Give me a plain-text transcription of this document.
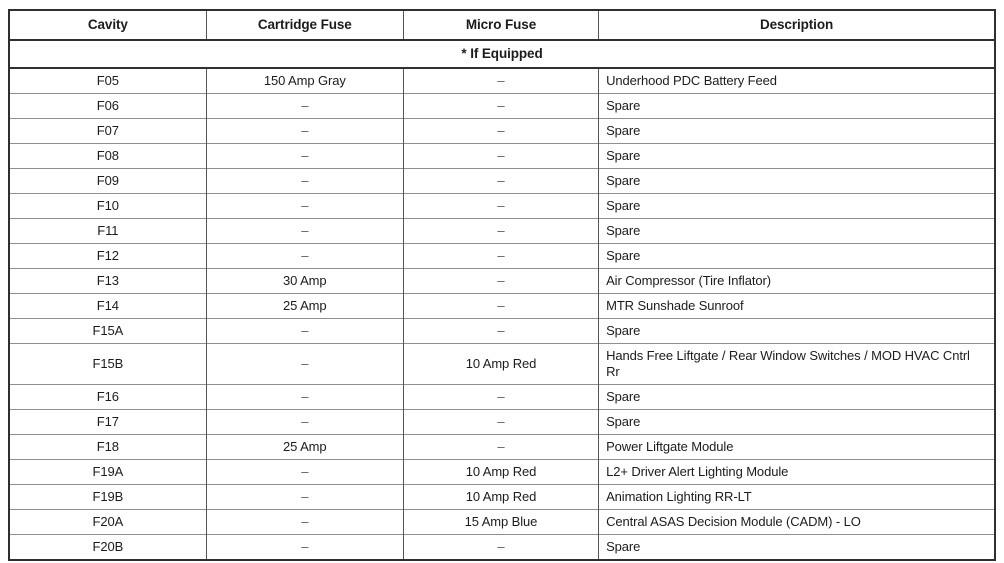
Cavity	Cartridge Fuse	Micro Fuse	Description
* If Equipped			
F05	150 Amp Gray	–	Underhood PDC Battery Feed
F06	–	–	Spare
F07	–	–	Spare
F08	–	–	Spare
F09	–	–	Spare
F10	–	–	Spare
F11	–	–	Spare
F12	–	–	Spare
F13	30 Amp	–	Air Compressor (Tire Inflator)
F14	25 Amp	–	MTR Sunshade Sunroof
F15A	–	–	Spare
F15B	–	10 Amp Red	Hands Free Liftgate / Rear Window Switches / MOD HVAC Cntrl Rr
F16	–	–	Spare
F17	–	–	Spare
F18	25 Amp	–	Power Liftgate Module
F19A	–	10 Amp Red	L2+ Driver Alert Lighting Module
F19B	–	10 Amp Red	Animation Lighting RR-LT
F20A	–	15 Amp Blue	Central ASAS Decision Module (CADM) - LO
F20B	–	–	Spare
